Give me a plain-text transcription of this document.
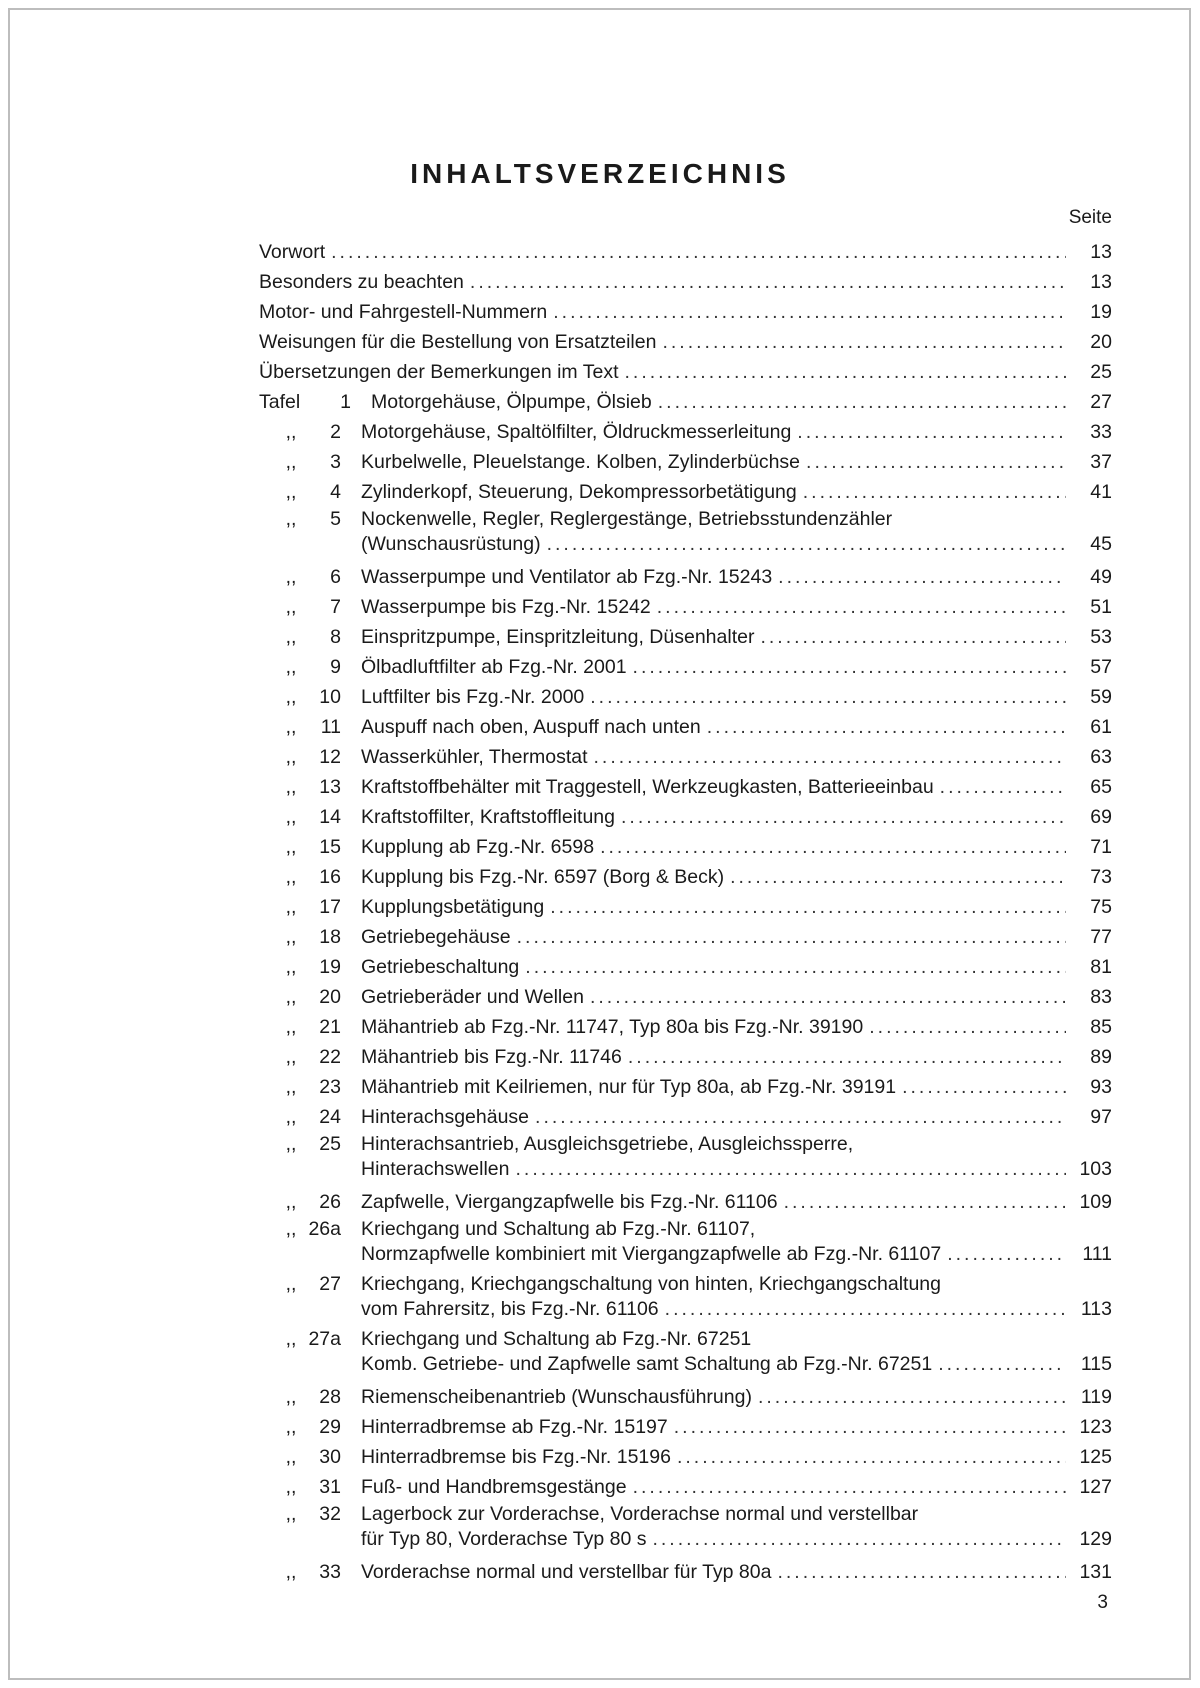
INHALTSVERZEICHNIS
Seite
Vorwort .....	13
Besonders zu beachten .....	13
Motor- und Fahrgestell-Nummern .....	19
Weisungen für die Bestellung von Ersatzteilen .....	20
Übersetzungen der Bemerkungen im Text .....	25
Tafel 1	Motorgehäuse, Ölpumpe, Ölsieb .....	27
,, 2	Motorgehäuse, Spaltölfilter, Öldruckmesserleitung .....	33
,, 3	Kurbelwelle, Pleuelstange. Kolben, Zylinderbüchse .....	37
,, 4	Zylinderkopf, Steuerung, Dekompressorbetätigung .....	41
,, 5	Nockenwelle, Regler, Reglergestänge, Betriebsstundenzähler
(Wunschausrüstung) .....	45
,, 6	Wasserpumpe und Ventilator ab Fzg.-Nr. 15243 .....	49
,, 7	Wasserpumpe bis Fzg.-Nr. 15242 .....	51
,, 8	Einspritzpumpe, Einspritzleitung, Düsenhalter .....	53
,, 9	Ölbadluftfilter ab Fzg.-Nr. 2001 .....	57
,, 10	Luftfilter bis Fzg.-Nr. 2000 .....	59
,, 11	Auspuff nach oben, Auspuff nach unten .....	61
,, 12	Wasserkühler, Thermostat .....	63
,, 13	Kraftstoffbehälter mit Traggestell, Werkzeugkasten, Batterieeinbau .....	65
,, 14	Kraftstoffilter, Kraftstoffleitung .....	69
,, 15	Kupplung ab Fzg.-Nr. 6598 .....	71
,, 16	Kupplung bis Fzg.-Nr. 6597 (Borg & Beck) .....	73
,, 17	Kupplungsbetätigung .....	75
,, 18	Getriebegehäuse .....	77
,, 19	Getriebeschaltung .....	81
,, 20	Getrieberäder und Wellen .....	83
,, 21	Mähantrieb ab Fzg.-Nr. 11747, Typ 80a bis Fzg.-Nr. 39190 .....	85
,, 22	Mähantrieb bis Fzg.-Nr. 11746 .....	89
,, 23	Mähantrieb mit Keilriemen, nur für Typ 80a, ab Fzg.-Nr. 39191 .....	93
,, 24	Hinterachsgehäuse .....	97
,, 25	Hinterachsantrieb, Ausgleichsgetriebe, Ausgleichssperre,
Hinterachswellen .....	103
,, 26	Zapfwelle, Viergangzapfwelle bis Fzg.-Nr. 61106 .....	109
,, 26a	Kriechgang und Schaltung ab Fzg.-Nr. 61107,
Normzapfwelle kombiniert mit Viergangzapfwelle ab Fzg.-Nr. 61107 .....	111
,, 27	Kriechgang, Kriechgangschaltung von hinten, Kriechgangschaltung
vom Fahrersitz, bis Fzg.-Nr. 61106 .....	113
,, 27a	Kriechgang und Schaltung ab Fzg.-Nr. 67251
Komb. Getriebe- und Zapfwelle samt Schaltung ab Fzg.-Nr. 67251 .....	115
,, 28	Riemenscheibenantrieb (Wunschausführung) .....	119
,, 29	Hinterradbremse ab Fzg.-Nr. 15197 .....	123
,, 30	Hinterradbremse bis Fzg.-Nr. 15196 .....	125
,, 31	Fuß- und Handbremsgestänge .....	127
,, 32	Lagerbock zur Vorderachse, Vorderachse normal und verstellbar
für Typ 80, Vorderachse Typ 80 s .....	129
,, 33	Vorderachse normal und verstellbar für Typ 80a .....	131
3
